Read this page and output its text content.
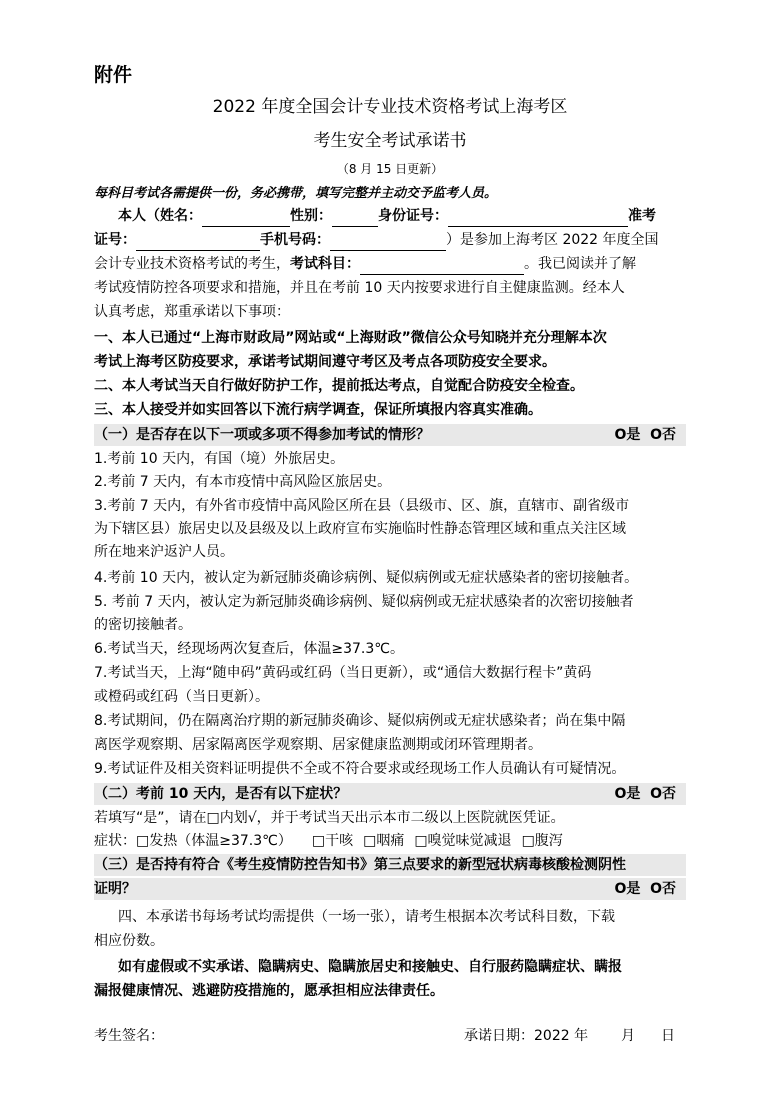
附件
2022 年度全国会计专业技术资格考试上海考区
考生安全考试承诺书
（8 月 15 日更新）
每科目考试各需提供一份，务必携带，填写完整并主动交予监考人员。
本人（姓名：	性别：	身份证号：	准考
证号：	手机号码：	）是参加上海考区 2022 年度全国
会计专业技术资格考试的考生，考试科目：	。我已阅读并了解
考试疫情防控各项要求和措施，并且在考前 10 天内按要求进行自主健康监测。经本人
认真考虑，郑重承诺以下事项：
一、本人已通过“上海市财政局”网站或“上海财政”微信公众号知晓并充分理解本次
考试上海考区防疫要求，承诺考试期间遵守考区及考点各项防疫安全要求。
二、本人考试当天自行做好防护工作，提前抵达考点，自觉配合防疫安全检查。
三、本人接受并如实回答以下流行病学调查，保证所填报内容真实准确。
（一）是否存在以下一项或多项不得参加考试的情形？	O是 O否
1.考前 10 天内，有国（境）外旅居史。
2.考前 7 天内，有本市疫情中高风险区旅居史。
3.考前 7 天内，有外省市疫情中高风险区所在县（县级市、区、旗，直辖市、副省级市
为下辖区县）旅居史以及县级及以上政府宣布实施临时性静态管理区域和重点关注区域
所在地来沪返沪人员。
4.考前 10 天内，被认定为新冠肺炎确诊病例、疑似病例或无症状感染者的密切接触者。
5. 考前 7 天内，被认定为新冠肺炎确诊病例、疑似病例或无症状感染者的次密切接触者
的密切接触者。
6.考试当天，经现场两次复查后，体温≥37.3℃。
7.考试当天，上海“随申码”黄码或红码（当日更新），或“通信大数据行程卡”黄码
或橙码或红码（当日更新）。
8.考试期间，仍在隔离治疗期的新冠肺炎确诊、疑似病例或无症状感染者；尚在集中隔
离医学观察期、居家隔离医学观察期、居家健康监测期或闭环管理期者。
9.考试证件及相关资料证明提供不全或不符合要求或经现场工作人员确认有可疑情况。
（二）考前 10 天内，是否有以下症状？	O是 O否
若填写“是”，请在□内划√，并于考试当天出示本市二级以上医院就医凭证。
症状：□发热（体温≥37.3℃） □干咳 □咽痛 □嗅觉味觉减退 □腹泻
（三）是否持有符合《考生疫情防控告知书》第三点要求的新型冠状病毒核酸检测阴性
证明？	O是 O否
四、本承诺书每场考试均需提供（一场一张），请考生根据本次考试科目数，下载
相应份数。
如有虚假或不实承诺、隐瞒病史、隐瞒旅居史和接触史、自行服药隐瞒症状、瞒报
漏报健康情况、逃避防疫措施的，愿承担相应法律责任。
考生签名：	承诺日期：2022 年 月 日
